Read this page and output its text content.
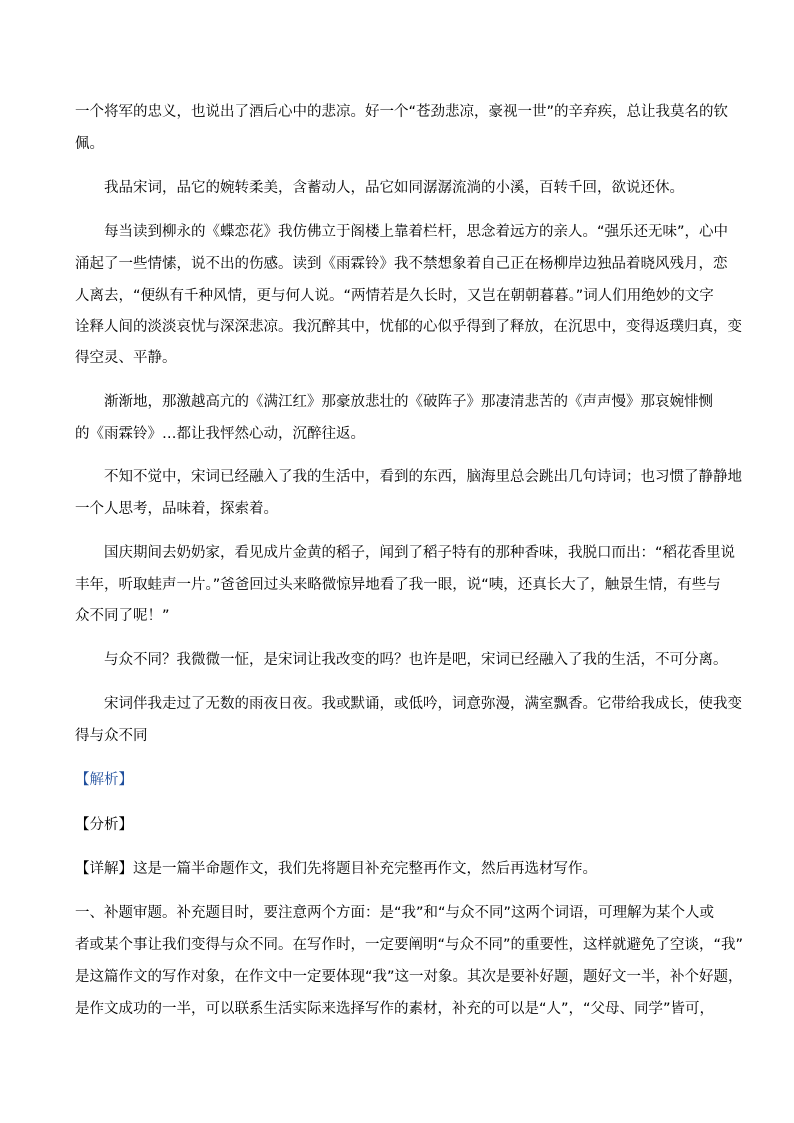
一个将军的忠义，也说出了酒后心中的悲凉。好一个“苍劲悲凉，豪视一世”的辛弃疾，总让我莫名的钦
佩。
我品宋词，品它的婉转柔美，含蓄动人，品它如同潺潺流淌的小溪，百转千回，欲说还休。
每当读到柳永的《蝶恋花》我仿佛立于阁楼上靠着栏杆，思念着远方的亲人。“强乐还无味”，心中
涌起了一些情愫，说不出的伤感。读到《雨霖铃》我不禁想象着自己正在杨柳岸边独品着晓风残月，恋
人离去，“便纵有千种风情，更与何人说。“两情若是久长时，又岂在朝朝暮暮。”词人们用绝妙的文字
诠释人间的淡淡哀忧与深深悲凉。我沉醉其中，忧郁的心似乎得到了释放，在沉思中，变得返璞归真，变
得空灵、平静。
渐渐地，那激越高亢的《满江红》那豪放悲壮的《破阵子》那凄清悲苦的《声声慢》那哀婉悱恻
的《雨霖铃》…都让我怦然心动，沉醉往返。
不知不觉中，宋词已经融入了我的生活中，看到的东西，脑海里总会跳出几句诗词；也习惯了静静地
一个人思考，品味着，探索着。
国庆期间去奶奶家，看见成片金黄的稻子，闻到了稻子特有的那种香味，我脱口而出：“稻花香里说
丰年，听取蛙声一片。”爸爸回过头来略微惊异地看了我一眼，说“咦，还真长大了，触景生情，有些与
众不同了呢！”
与众不同？我微微一怔，是宋词让我改变的吗？也许是吧，宋词已经融入了我的生活，不可分离。
宋词伴我走过了无数的雨夜日夜。我或默诵，或低吟，词意弥漫，满室飘香。它带给我成长，使我变
得与众不同
【解析】
【分析】
【详解】这是一篇半命题作文，我们先将题目补充完整再作文，然后再选材写作。
一、补题审题。补充题目时，要注意两个方面：是“我”和“与众不同”这两个词语，可理解为某个人或
者或某个事让我们变得与众不同。在写作时，一定要阐明“与众不同”的重要性，这样就避免了空谈，“我”
是这篇作文的写作对象，在作文中一定要体现“我”这一对象。其次是要补好题，题好文一半，补个好题，
是作文成功的一半，可以联系生活实际来选择写作的素材，补充的可以是“人”，“父母、同学”皆可，
